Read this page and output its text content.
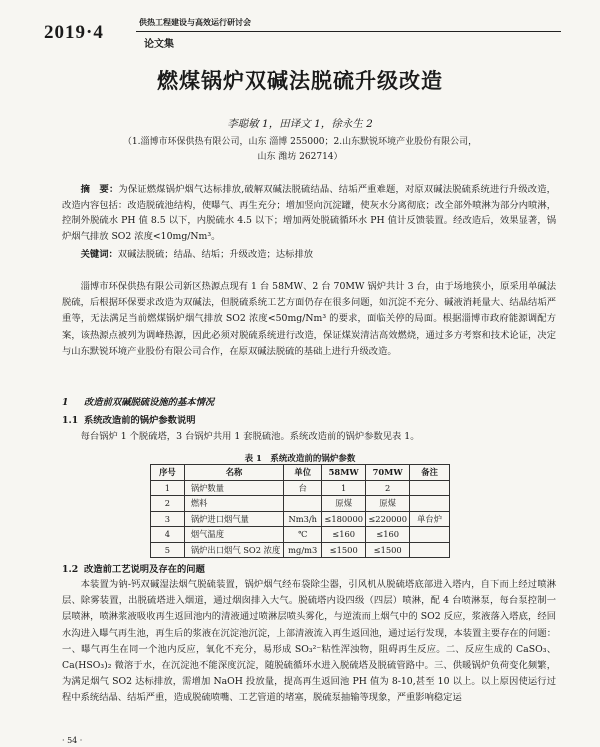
2019·4	供热工程建设与高效运行研讨会
论文集
燃煤锅炉双碱法脱硫升级改造
李聪敏 1，田译文 1，徐永生 2
（1.淄博市环保供热有限公司，山东 淄博 255000；2.山东默锐环境产业股份有限公司，
山东 潍坊 262714）
摘　要：为保证燃煤锅炉烟气达标排放,破解双碱法脱硫结晶、结垢严重难题，对原双碱法脱硫系统进行升级改造，改造内容包括：改造脱硫池结构，使曝气、再生充分；增加竖向沉淀罐，使灰水分离彻底；改全部外喷淋为部分内喷淋，控制外脱硫水 PH 值 8.5 以下，内脱硫水 4.5 以下；增加两处脱硫循环水 PH 值计反馈装置。经改造后，效果显著，锅炉烟气排放 SO2 浓度<10mg/Nm³。
关键词：双碱法脱硫；结晶、结垢；升级改造；达标排放
淄博市环保供热有限公司新区热源点现有 1 台 58MW、2 台 70MW 锅炉共计 3 台，由于场地狭小，原采用单碱法脱硫，后根据环保要求改造为双碱法，但脱硫系统工艺方面仍存在很多问题，如沉淀不充分、碱液消耗量大、结晶结垢严重等，无法满足当前燃煤锅炉烟气排放 SO2 浓度<50mg/Nm³ 的要求，面临关停的局面。根据淄博市政府能源调配方案，该热源点被列为调峰热源，因此必须对脱硫系统进行改造，保证煤炭清洁高效燃烧，通过多方考察和技术论证，决定与山东默锐环境产业股份有限公司合作，在原双碱法脱硫的基础上进行升级改造。
1 改造前双碱脱硫设施的基本情况
1.1 系统改造前的锅炉参数说明
每台锅炉 1 个脱硫塔，3 台锅炉共用 1 套脱硫池。系统改造前的锅炉参数见表 1。
表 1　系统改造前的锅炉参数
序号	名称	单位	58MW	70MW	备注
1	锅炉数量	台	1	2	
2	燃料		原煤	原煤	
3	锅炉进口烟气量	Nm3/h	≤180000	≤220000	单台炉
4	烟气温度	℃	≤160	≤160	
5	锅炉出口烟气 SO2 浓度	mg/m3	≤1500	≤1500	
1.2 改造前工艺说明及存在的问题
本装置为钠-钙双碱湿法烟气脱硫装置，锅炉烟气经布袋除尘器，引风机从脱硫塔底部进入塔内，自下而上经过喷淋层、除雾装置，出脱硫塔进入烟道，通过烟囱排入大气。脱硫塔内设四级（四层）喷淋，配 4 台喷淋泵，每台泵控制一层喷淋，喷淋浆液吸收再生返回池内的清液通过喷淋层喷头雾化，与逆流而上烟气中的 SO2 反应，浆液落入塔底，经回水沟进入曝气再生池，再生后的浆液在沉淀池沉淀，上部清液流入再生返回池，通过运行发现，本装置主要存在的问题：一、曝气再生在同一个池内反应，氧化不充分，易形成 SO₃²⁻粘性浑浊物，阻碍再生反应。二、反应生成的 CaSO₃、Ca(HSO₃)₂ 微溶于水，在沉淀池不能深度沉淀，随脱硫循环水进入脱硫塔及脱硫管路中。三、供暖锅炉负荷变化频繁，为满足烟气 SO2 达标排放，需增加 NaOH 投放量，提高再生返回池 PH 值为 8-10,甚至 10 以上。以上原因使运行过程中系统结晶、结垢严重，造成脱硫喷嘴、工艺管道的堵塞，脱硫泵抽输等现象，严重影响稳定运
· 54 ·
